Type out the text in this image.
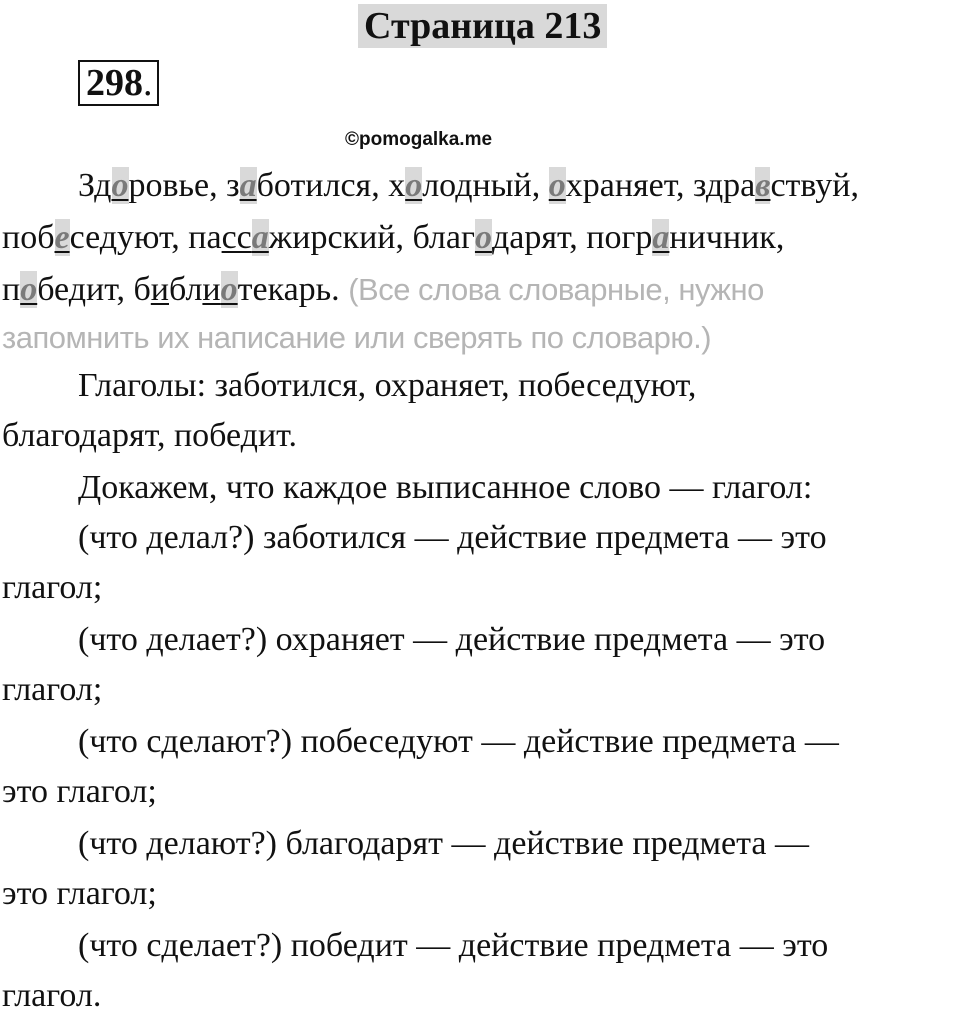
Страница 213
298.
©pomogalka.me
Здоровье, заботился, холодный, охраняет, здравствуй,
побеседуют, пассажирский, благодарят, пограничник,
победит, библиотекарь. (Все слова словарные, нужно
запомнить их написание или сверять по словарю.)
Глаголы: заботился, охраняет, побеседуют,
благодарят, победит.
Докажем, что каждое выписанное слово — глагол:
(что делал?) заботился — действие предмета — это
глагол;
(что делает?) охраняет — действие предмета — это
глагол;
(что сделают?) побеседуют — действие предмета —
это глагол;
(что делают?) благодарят — действие предмета —
это глагол;
(что сделает?) победит — действие предмета — это
глагол.
